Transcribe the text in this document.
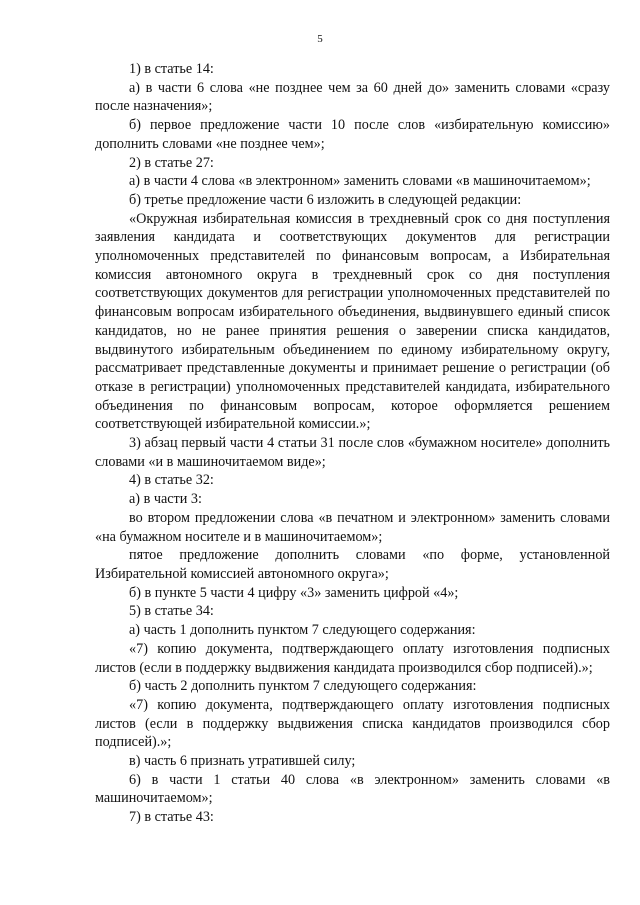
5

1) в статье 14:

а) в части 6 слова «не позднее чем за 60 дней до» заменить словами «сразу после назначения»;

б) первое предложение части 10 после слов «избирательную комиссию» дополнить словами «не позднее чем»;

2) в статье 27:

а) в части 4 слова «в электронном» заменить словами «в машиночитаемом»;

б) третье предложение части 6 изложить в следующей редакции:

«Окружная избирательная комиссия в трехдневный срок со дня поступления заявления кандидата и соответствующих документов для регистрации уполномоченных представителей по финансовым вопросам, а Избирательная комиссия автономного округа в трехдневный срок со дня поступления соответствующих документов для регистрации уполномоченных представителей по финансовым вопросам избирательного объединения, выдвинувшего единый список кандидатов, но не ранее принятия решения о заверении списка кандидатов, выдвинутого избирательным объединением по единому избирательному округу, рассматривает представленные документы и принимает решение о регистрации (об отказе в регистрации) уполномоченных представителей кандидата, избирательного объединения по финансовым вопросам, которое оформляется решением соответствующей избирательной комиссии.»;

3) абзац первый части 4 статьи 31 после слов «бумажном носителе» дополнить словами «и в машиночитаемом виде»;

4) в статье 32:

а) в части 3:

во втором предложении слова «в печатном и электронном» заменить словами «на бумажном носителе и в машиночитаемом»;

пятое предложение дополнить словами «по форме, установленной Избирательной комиссией автономного округа»;

б) в пункте 5 части 4 цифру «3» заменить цифрой «4»;

5) в статье 34:

а) часть 1 дополнить пунктом 7 следующего содержания:

«7) копию документа, подтверждающего оплату изготовления подписных листов (если в поддержку выдвижения кандидата производился сбор подписей).»;

б) часть 2 дополнить пунктом 7 следующего содержания:

«7) копию документа, подтверждающего оплату изготовления подписных листов (если в поддержку выдвижения списка кандидатов производился сбор подписей).»;

в) часть 6 признать утратившей силу;

6) в части 1 статьи 40 слова «в электронном» заменить словами «в машиночитаемом»;

7) в статье 43:
